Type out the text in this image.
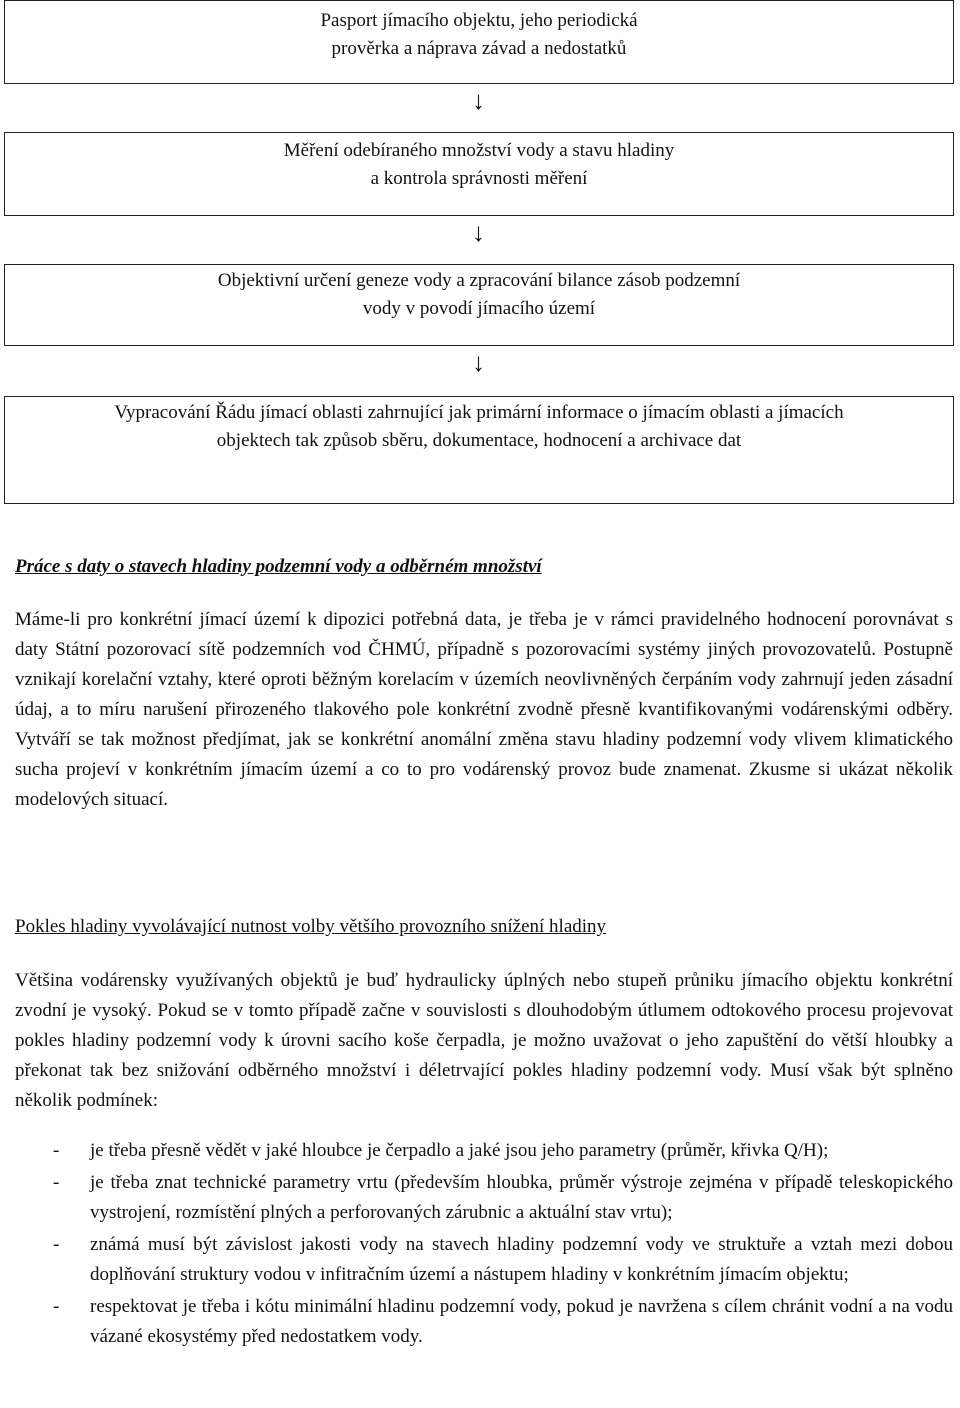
Pasport jímacího objektu, jeho periodická
prověrka a náprava závad a nedostatků
↓
Měření odebíraného množství vody a stavu hladiny
a kontrola správnosti měření
↓
Objektivní určení geneze vody a zpracování bilance zásob podzemní
vody v povodí jímacího území
↓
Vypracování Řádu jímací oblasti zahrnující jak primární informace o jímacím oblasti a jímacích
objektech tak způsob sběru, dokumentace, hodnocení a archivace dat
Práce s daty o stavech hladiny podzemní vody a odběrném množství
Máme-li pro konkrétní jímací území k dipozici potřebná data, je třeba je v rámci pravidelného hodnocení porovnávat s daty Státní pozorovací sítě podzemních vod ČHMÚ, případně s pozorovacími systémy jiných provozovatelů. Postupně vznikají korelační vztahy, které oproti běžným korelacím v územích neovlivněných čerpáním vody zahrnují jeden zásadní údaj, a to míru narušení přirozeného tlakového pole konkrétní zvodně přesně kvantifikovanými vodárenskými odběry. Vytváří se tak možnost předjímat, jak se konkrétní anomální změna stavu hladiny podzemní vody vlivem klimatického sucha projeví v konkrétním jímacím území a co to pro vodárenský provoz bude znamenat. Zkusme si ukázat několik modelových situací.
Pokles hladiny vyvolávající nutnost volby většího provozního snížení hladiny
Většina vodárensky využívaných objektů je buď hydraulicky úplných nebo stupeň průniku jímacího objektu konkrétní zvodní je vysoký. Pokud se v tomto případě začne v souvislosti s dlouhodobým útlumem odtokového procesu projevovat pokles hladiny podzemní vody k úrovni sacího koše čerpadla, je možno uvažovat o jeho zapuštění do větší hloubky a překonat tak bez snižování odběrného množství i déletrvající pokles hladiny podzemní vody. Musí však být splněno několik podmínek:
- je třeba přesně vědět v jaké hloubce je čerpadlo a jaké jsou jeho parametry (průměr, křivka Q/H);
- je třeba znat technické parametry vrtu (především hloubka, průměr výstroje zejména v případě teleskopického vystrojení, rozmístění plných a perforovaných zárubnic a aktuální stav vrtu);
- známá musí být závislost jakosti vody na stavech hladiny podzemní vody ve struktuře a vztah mezi dobou doplňování struktury vodou v infitračním území a nástupem hladiny v konkrétním jímacím objektu;
- respektovat je třeba i kótu minimální hladinu podzemní vody, pokud je navržena s cílem chránit vodní a na vodu vázané ekosystémy před nedostatkem vody.
